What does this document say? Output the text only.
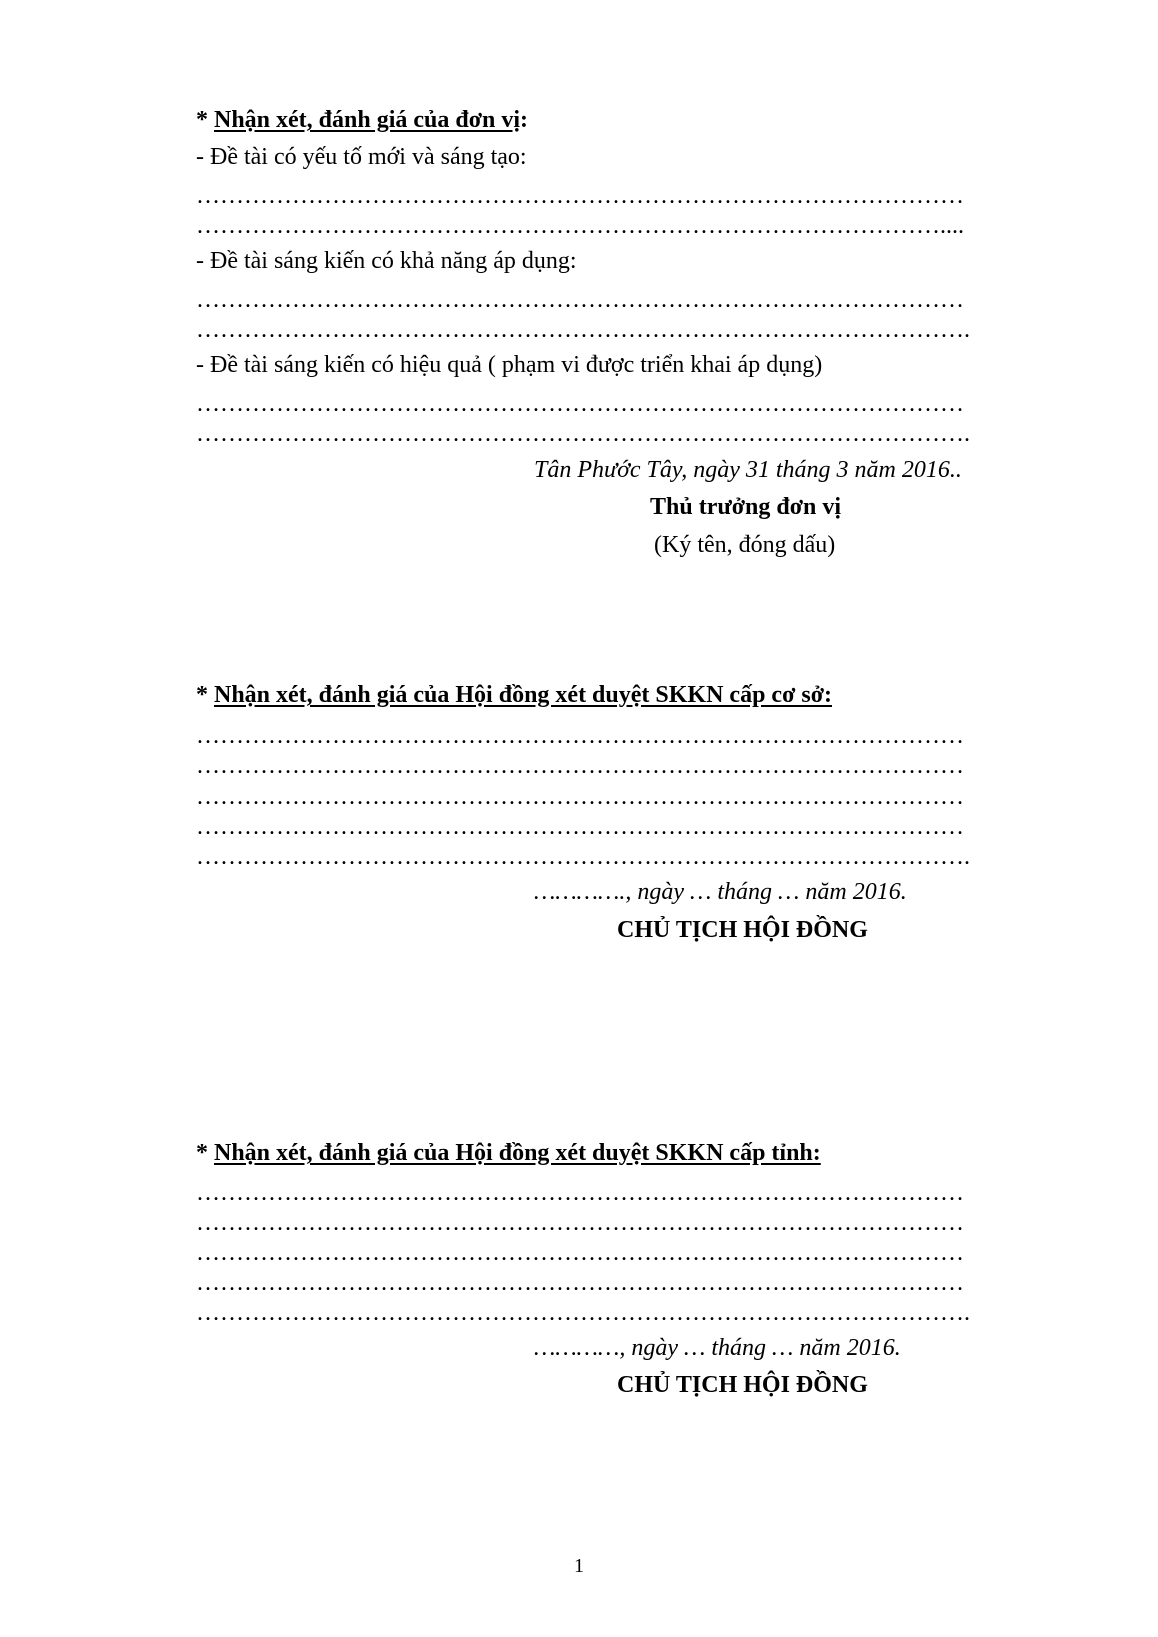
* Nhận xét, đánh giá của đơn vị:
- Đề tài có yếu tố mới và sáng tạo:
……………………………………………………………………………………
…………………………………………………………………………………....
- Đề tài sáng kiến có khả năng áp dụng:
……………………………………………………………………………………
…………………………………………………………………………………….
- Đề tài sáng kiến có hiệu quả ( phạm vi được triển khai áp dụng)
……………………………………………………………………………………
…………………………………………………………………………………….
Tân Phước Tây, ngày 31 tháng 3 năm 2016..
Thủ trưởng đơn vị
(Ký tên, đóng dấu)
* Nhận xét, đánh giá của Hội đồng xét duyệt SKKN cấp cơ sở:
……………………………………………………………………………………
……………………………………………………………………………………
……………………………………………………………………………………
……………………………………………………………………………………
…………………………………………………………………………………….
…………., ngày … tháng … năm 2016.
CHỦ TỊCH HỘI ĐỒNG
* Nhận xét, đánh giá của Hội đồng xét duyệt SKKN cấp tỉnh:
……………………………………………………………………………………
……………………………………………………………………………………
……………………………………………………………………………………
……………………………………………………………………………………
…………………………………………………………………………………….
…………, ngày … tháng … năm 2016.
CHỦ TỊCH HỘI ĐỒNG
1
